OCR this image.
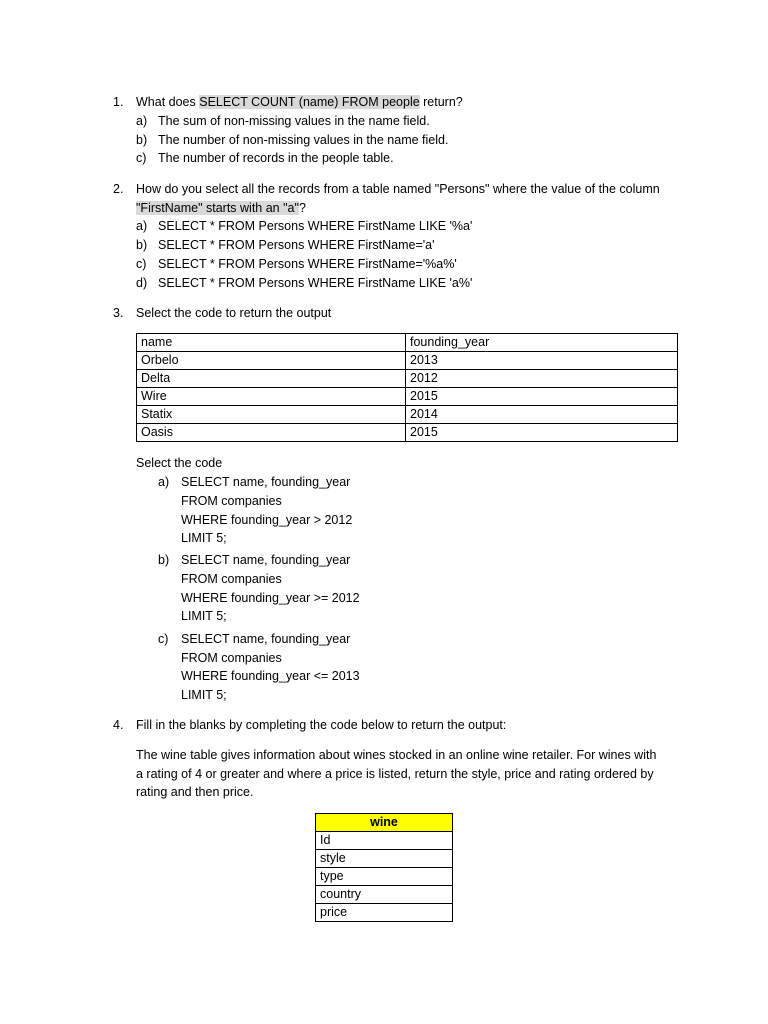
1. What does SELECT COUNT (name) FROM people return?
a) The sum of non-missing values in the name field.
b) The number of non-missing values in the name field.
c) The number of records in the people table.
2. How do you select all the records from a table named "Persons" where the value of the column
"FirstName" starts with an "a"?
a) SELECT * FROM Persons WHERE FirstName LIKE '%a'
b) SELECT * FROM Persons WHERE FirstName='a'
c) SELECT * FROM Persons WHERE FirstName='%a%'
d) SELECT * FROM Persons WHERE FirstName LIKE 'a%'
3. Select the code to return the output
name	founding_year
Orbelo	2013
Delta	2012
Wire	2015
Statix	2014
Oasis	2015
Select the code
a) SELECT name, founding_year
FROM companies
WHERE founding_year > 2012
LIMIT 5;
b) SELECT name, founding_year
FROM companies
WHERE founding_year >= 2012
LIMIT 5;
c) SELECT name, founding_year
FROM companies
WHERE founding_year <= 2013
LIMIT 5;
4. Fill in the blanks by completing the code below to return the output:
The wine table gives information about wines stocked in an online wine retailer. For wines with
a rating of 4 or greater and where a price is listed, return the style, price and rating ordered by
rating and then price.
wine
Id
style
type
country
price
